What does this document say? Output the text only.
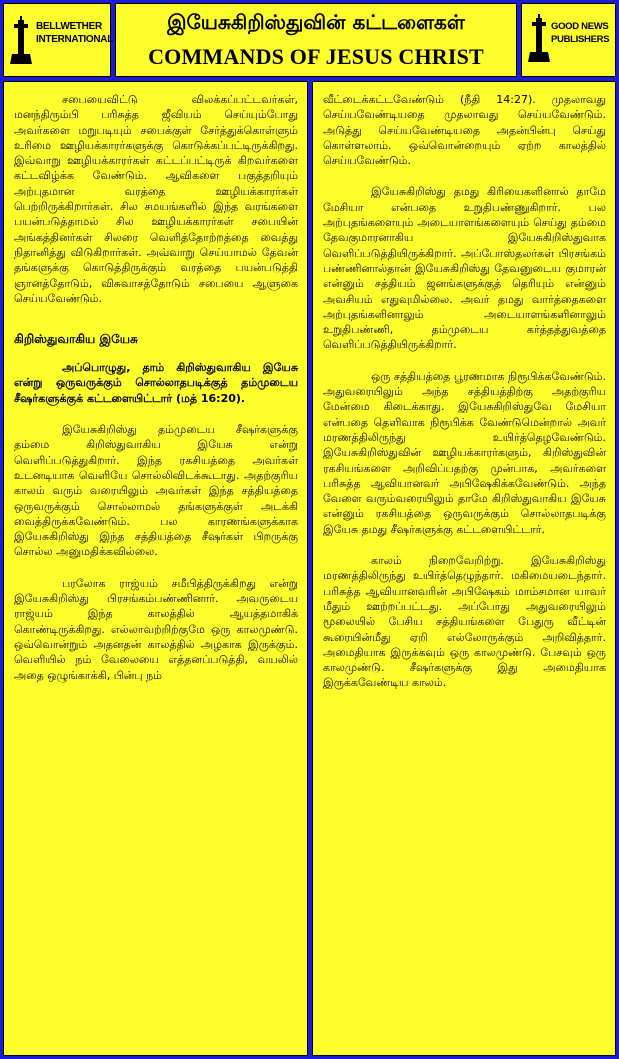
BELLWETHER
INTERNATIONAL
இயேசுகிறிஸ்துவின் கட்டளைகள்
COMMANDS OF JESUS CHRIST
GOOD NEWS
PUBLISHERS

சபையைவிட்டு விலக்கப்பட்டவர்கள், மனந்திரும்பி பரிசுத்த ஜீவியம் செய்யும்போது அவர்களை மறுபடியும் சபைக்குள் சேர்த்துக்கொள்ளும் உரிமை ஊழியக்காரர்களுக்கு கொடுக்கப்பட்டிருக்கிறது. இவ்வாறு ஊழியக்காரர்கள் கட்டப்பட்டிருக் கிறவர்களை கட்டவிழ்க்க வேண்டும். ஆவிகளை பகுத்தறியும் அற்புதமான வரத்தை ஊழியக்காரர்கள் பெற்றிருக்கிறார்கள். சில சமயங்களில் இந்த வரங்களை பயன்படுத்தாமல் சில ஊழியக்காரர்கள் சபையின் அங்கத்தினர்கள் சிலரை வெளித்தோற்றத்தை வைத்து நிதானித்து விடுகிறார்கள். அவ்வாறு செய்யாமல் தேவன் தங்களுக்கு கொடுத்திருக்கும் வரத்தை பயன்படுத்தி ஞானத்தோடும், விசுவாசத்தோடும் சபையை ஆளுகை செய்யவேண்டும்.

கிறிஸ்துவாகிய இயேசு

அப்பொழுது, தாம் கிறிஸ்துவாகிய இயேசு என்று ஒருவருக்கும் சொல்லாதபடிக்குத் தம்முடைய சீஷர்களுக்குக் கட்டளையிட்டார் (மத் 16:20).

இயேசுகிறிஸ்து தம்முடைய சீஷர்களுக்கு தம்மை கிறிஸ்துவாகிய இயேசு என்று வெளிப்படுத்துகிறார். இந்த ரகசியத்தை அவர்கள் உடனடியாக வெளியே சொல்லிவிடக்கூடாது. அதற்குரிய காலம் வரும் வரையிலும் அவர்கள் இந்த சத்தியத்தை ஒருவருக்கும் சொல்லாமல் தங்களுக்குள் அடக்கி வைத்திருக்கவேண்டும். பல காரணங்களுக்காக இயேசுகிறிஸ்து இந்த சத்தியத்தை சீஷர்கள் பிறருக்கு சொல்ல அனுமதிக்கவில்லை.

பரலோக ராஜ்யம் சமீபித்திருக்கிறது என்று இயேசுகிறிஸ்து பிரசங்கம்பண்ணினார். அவருடைய ராஜ்யம் இந்த காலத்தில் ஆயத்தமாகிக் கொண்டிருக்கிறது. எல்லாவற்றிற்குமே ஒரு காலமுண்டு. ஒவ்வொன்றும் அதனதன் காலத்தில் அழகாக இருக்கும். வெளியில் நம் வேலையை எத்தனப்படுத்தி, வயலில் அதை ஒழுங்காக்கி, பின்பு நம்

வீட்டைக்கட்டவேண்டும் (நீதி 14:27). முதலாவது செய்யவேண்டியதை முதலாவது செய்யவேண்டும். அடுத்து செய்யவேண்டியதை அதன்பின்பு செய்து கொள்ளலாம். ஒவ்வொன்றையும் ஏற்ற காலத்தில் செய்யவேண்டும்.

இயேசுகிறிஸ்து தமது கிரியைகளினால் தாமே மேசியா என்பதை உறுதிபண்ணுகிறார். பல அற்புதங்களையும் அடையாளங்களையும் செய்து தம்மை தேவகுமாரனாகிய இயேசுகிறிஸ்துவாக வெளிப்படுத்தியிருக்கிறார். அப்போஸ்தலர்கள் பிரசங்கம் பண்ணினால்தான் இயேசுகிறிஸ்து தேவனுடைய குமாரன் என்னும் சத்தியம் ஜனங்களுக்குத் தெரியும் என்னும் அவசியம் எதுவுமில்லை. அவர் தமது வார்த்தைகளை அற்புதங்களினாலும் அடையாளங்களினாலும் உறுதிபண்ணி, தம்முடைய கர்த்தத்துவத்தை வெளிப்படுத்தியிருக்கிறார்.

ஒரு சத்தியத்தை பூரணமாக நிரூபிக்கவேண்டும். அதுவரையிலும் அந்த சத்தியத்திற்கு அதற்குரிய மேன்மை கிடைக்காது. இயேசுகிறிஸ்துவே மேசியா என்பதை தெளிவாக நிரூபிக்க வேண்டுமென்றால் அவர் மரணத்திலிருந்து உயிர்த்தெழவேண்டும். இயேசுகிறிஸ்துவின் ஊழியக்காரர்களும், கிறிஸ்துவின் ரகசியங்களை அறிவிப்பதற்கு முன்பாக, அவர்களை பரிசுத்த ஆவியானவர் அபிஷேகிக்கவேண்டும். அந்த வேளை வரும்வரையிலும் தாமே கிறிஸ்துவாகிய இயேசு என்னும் ரகசியத்தை ஒருவருக்கும் சொல்லாதபடிக்கு இயேசு தமது சீஷர்களுக்கு கட்டளையிட்டார்.

காலம் நிறைவேறிற்று. இயேசுகிறிஸ்து மரணத்திலிருந்து உயிர்த்தெழுந்தார். மகிமையடைந்தார். பரிசுத்த ஆவியானவரின் அபிஷேகம் மாம்சமான யாவர் மீதும் ஊற்றப்பட்டது. அப்போது அதுவரையிலும் மூலையில் பேசிய சத்தியங்களை பேதுரு வீட்டின் கூரையின்மீது ஏறி எல்லோருக்கும் அறிவித்தார். அமைதியாக இருக்கவும் ஒரு காலமுண்டு. பேசவும் ஒரு காலமுண்டு. சீஷர்களுக்கு இது அமைதியாக இருக்கவேண்டிய காலம்.
